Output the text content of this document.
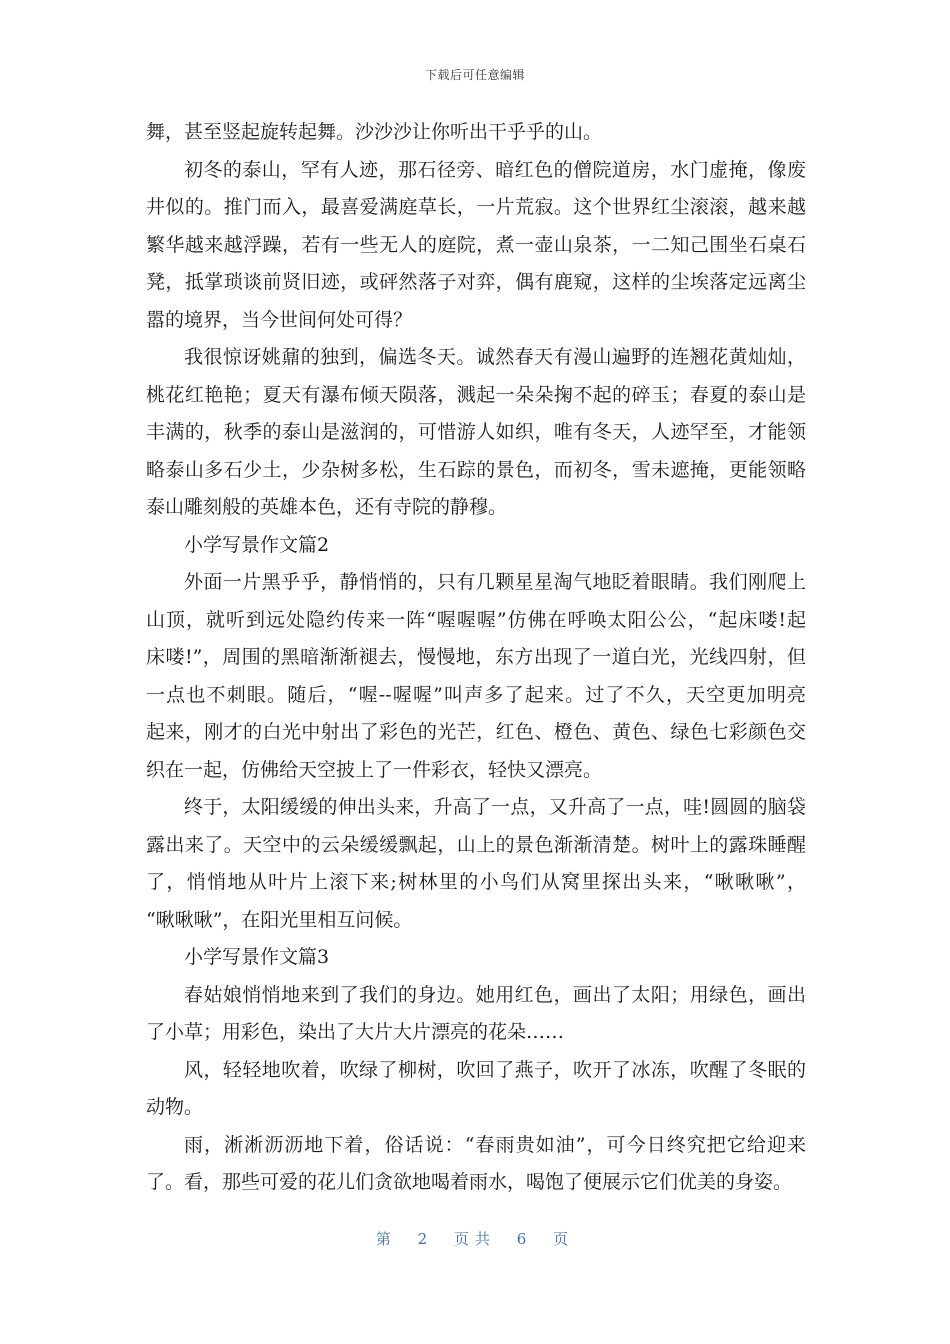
下载后可任意编辑
舞，甚至竖起旋转起舞。沙沙沙让你听出干乎乎的山。
初冬的泰山，罕有人迹，那石径旁、暗红色的僧院道房，水门虚掩，像废
井似的。推门而入，最喜爱满庭草长，一片荒寂。这个世界红尘滚滚，越来越
繁华越来越浮躁，若有一些无人的庭院，煮一壶山泉茶，一二知己围坐石桌石
凳，抵掌琐谈前贤旧迹，或砰然落子对弈，偶有鹿窥，这样的尘埃落定远离尘
嚣的境界，当今世间何处可得？
我很惊讶姚鼐的独到，偏选冬天。诚然春天有漫山遍野的连翘花黄灿灿，
桃花红艳艳；夏天有瀑布倾天陨落，溅起一朵朵掬不起的碎玉；春夏的泰山是
丰满的，秋季的泰山是滋润的，可惜游人如织，唯有冬天，人迹罕至，才能领
略泰山多石少土，少杂树多松，生石踪的景色，而初冬，雪未遮掩，更能领略
泰山雕刻般的英雄本色，还有寺院的静穆。
小学写景作文篇2
外面一片黑乎乎，静悄悄的，只有几颗星星淘气地眨着眼睛。我们刚爬上
山顶，就听到远处隐约传来一阵“喔喔喔”仿佛在呼唤太阳公公，“起床喽!起
床喽!”，周围的黑暗渐渐褪去，慢慢地，东方出现了一道白光，光线四射，但
一点也不刺眼。随后，“喔--喔喔”叫声多了起来。过了不久，天空更加明亮
起来，刚才的白光中射出了彩色的光芒，红色、橙色、黄色、绿色七彩颜色交
织在一起，仿佛给天空披上了一件彩衣，轻快又漂亮。
终于，太阳缓缓的伸出头来，升高了一点，又升高了一点，哇!圆圆的脑袋
露出来了。天空中的云朵缓缓飘起，山上的景色渐渐清楚。树叶上的露珠睡醒
了，悄悄地从叶片上滚下来;树林里的小鸟们从窝里探出头来，“啾啾啾”，
“啾啾啾”，在阳光里相互问候。
小学写景作文篇3
春姑娘悄悄地来到了我们的身边。她用红色，画出了太阳；用绿色，画出
了小草；用彩色，染出了大片大片漂亮的花朵……
风，轻轻地吹着，吹绿了柳树，吹回了燕子，吹开了冰冻，吹醒了冬眠的
动物。
雨，淅淅沥沥地下着，俗话说：“春雨贵如油”，可今日终究把它给迎来
了。看，那些可爱的花儿们贪欲地喝着雨水，喝饱了便展示它们优美的身姿。
第 2 页共 6 页
